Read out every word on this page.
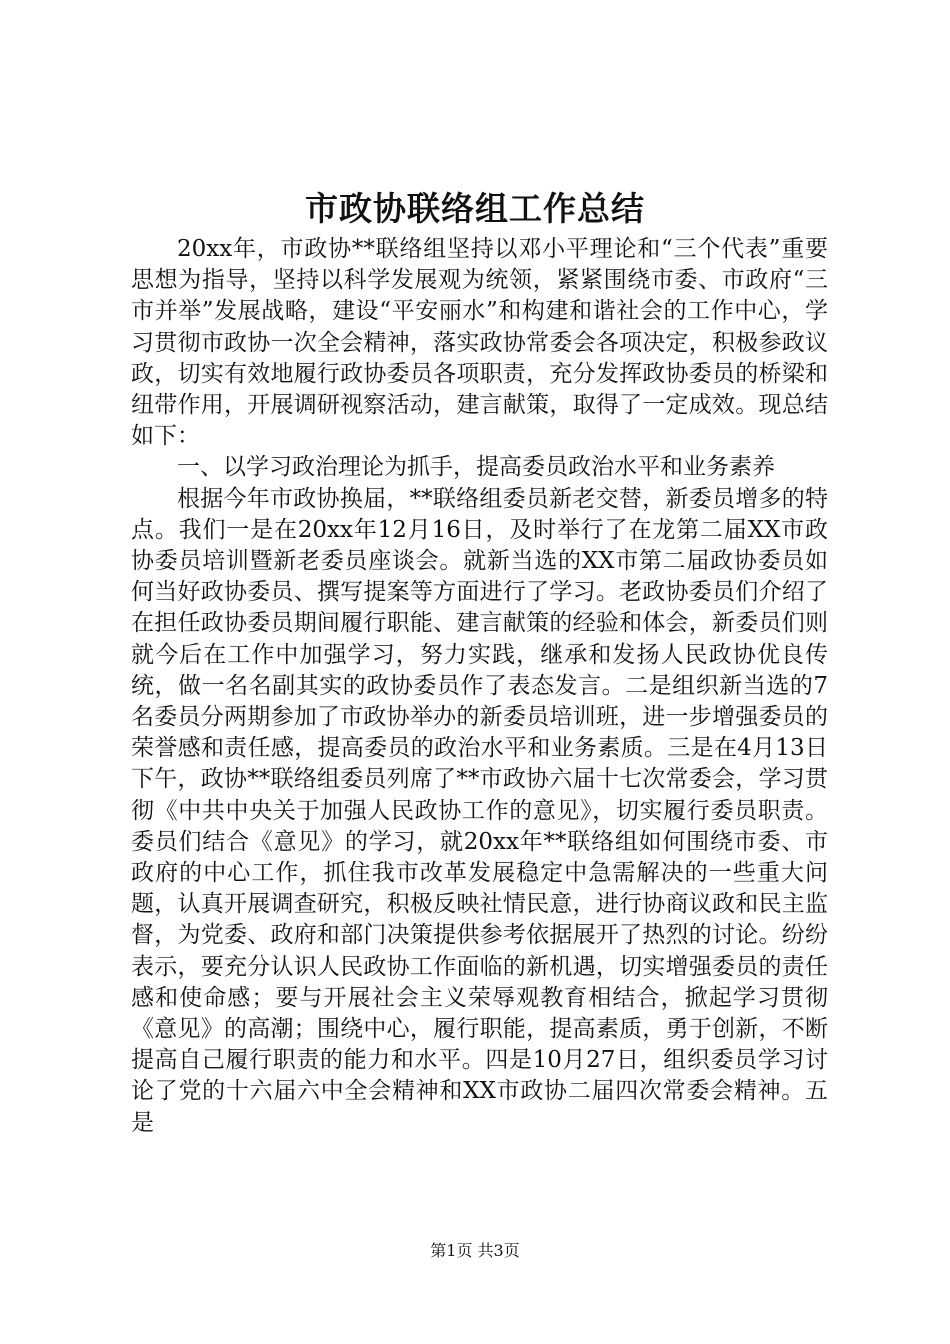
市政协联络组工作总结

20xx年，市政协**联络组坚持以邓小平理论和“三个代表”重要思想为指导，坚持以科学发展观为统领，紧紧围绕市委、市政府“三市并举”发展战略，建设“平安丽水”和构建和谐社会的工作中心，学习贯彻市政协一次全会精神，落实政协常委会各项决定，积极参政议政，切实有效地履行政协委员各项职责，充分发挥政协委员的桥梁和纽带作用，开展调研视察活动，建言献策，取得了一定成效。现总结如下：

一、以学习政治理论为抓手，提高委员政治水平和业务素养

根据今年市政协换届，**联络组委员新老交替，新委员增多的特点。我们一是在20xx年12月16日，及时举行了在龙第二届XX市政协委员培训暨新老委员座谈会。就新当选的XX市第二届政协委员如何当好政协委员、撰写提案等方面进行了学习。老政协委员们介绍了在担任政协委员期间履行职能、建言献策的经验和体会，新委员们则就今后在工作中加强学习，努力实践，继承和发扬人民政协优良传统，做一名名副其实的政协委员作了表态发言。二是组织新当选的7名委员分两期参加了市政协举办的新委员培训班，进一步增强委员的荣誉感和责任感，提高委员的政治水平和业务素质。三是在4月13日下午，政协**联络组委员列席了**市政协六届十七次常委会，学习贯彻《中共中央关于加强人民政协工作的意见》，切实履行委员职责。委员们结合《意见》的学习，就20xx年**联络组如何围绕市委、市政府的中心工作，抓住我市改革发展稳定中急需解决的一些重大问题，认真开展调查研究，积极反映社情民意，进行协商议政和民主监督，为党委、政府和部门决策提供参考依据展开了热烈的讨论。纷纷表示，要充分认识人民政协工作面临的新机遇，切实增强委员的责任感和使命感；要与开展社会主义荣辱观教育相结合，掀起学习贯彻《意见》的高潮；围绕中心，履行职能，提高素质，勇于创新，不断提高自己履行职责的能力和水平。四是10月27日，组织委员学习讨论了党的十六届六中全会精神和XX市政协二届四次常委会精神。五是

第1页 共3页
